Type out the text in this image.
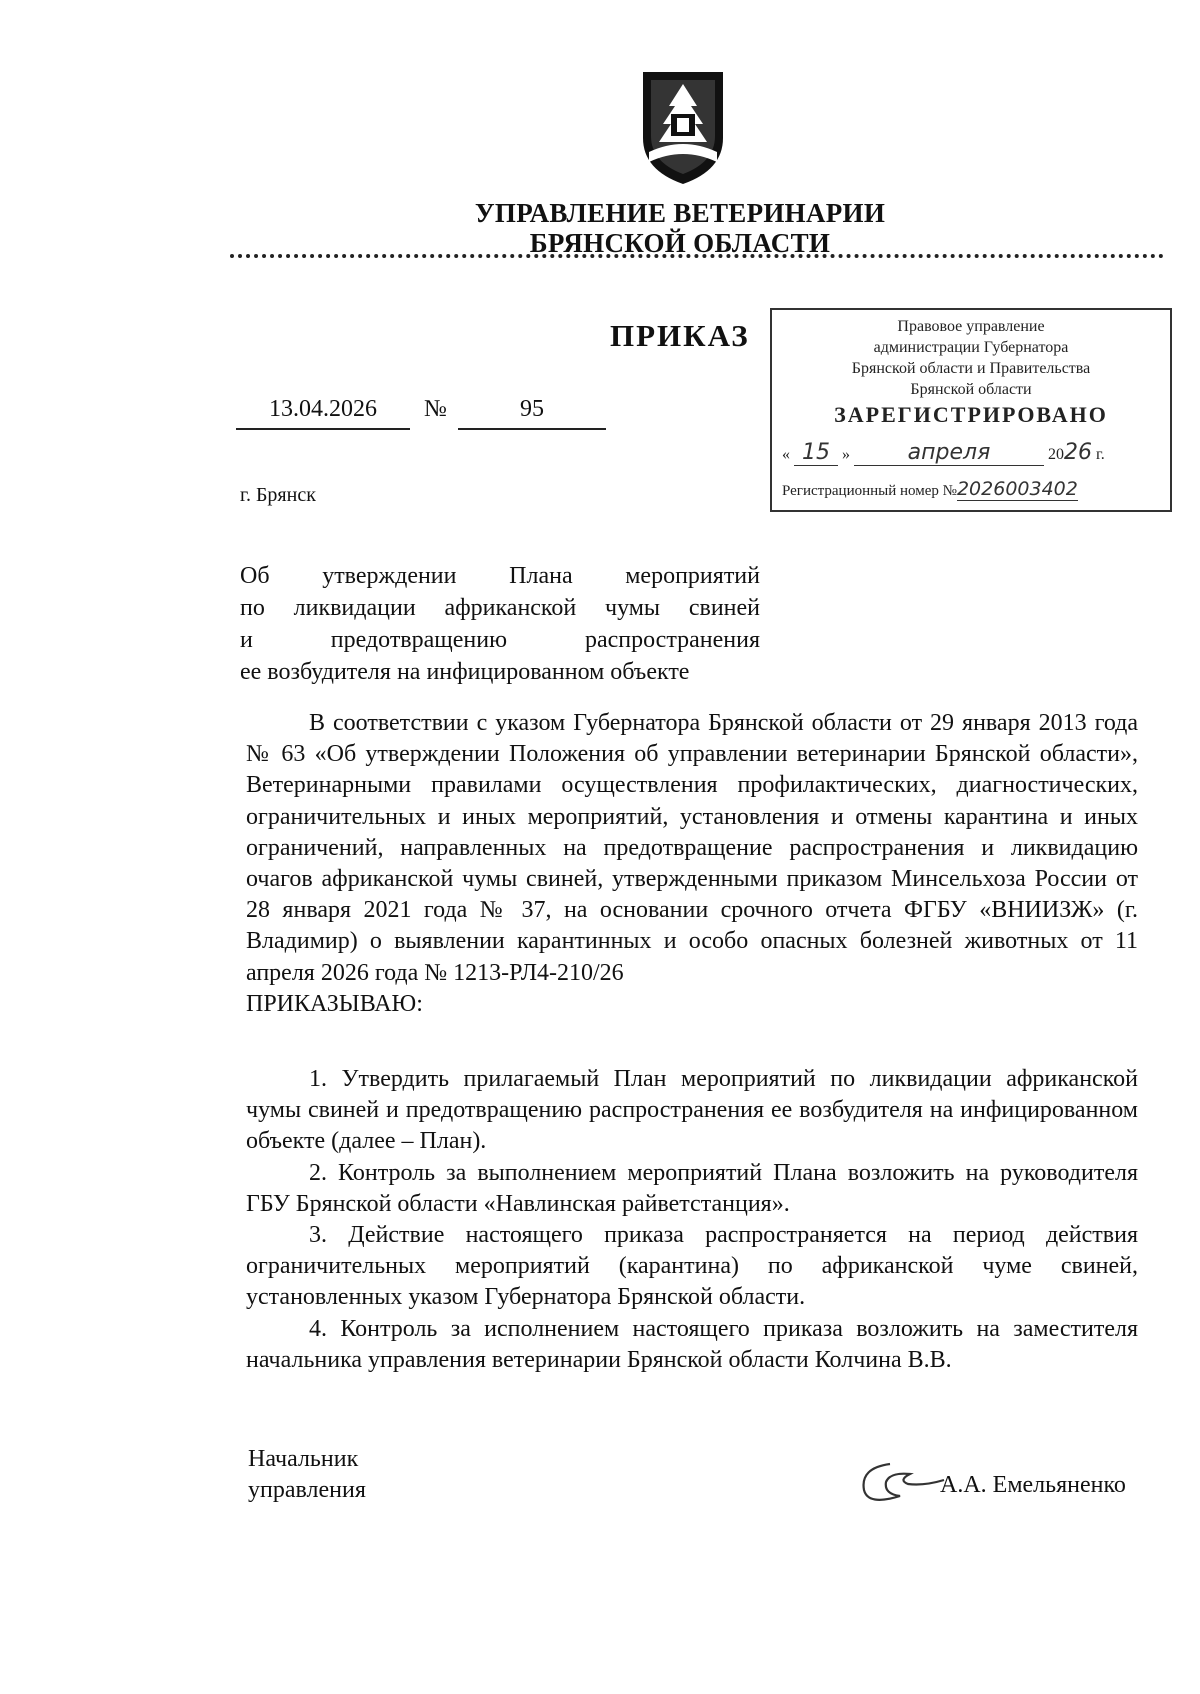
УПРАВЛЕНИЕ ВЕТЕРИНАРИИ
БРЯНСКОЙ ОБЛАСТИ
ПРИКАЗ	Правовое управление
администрации Губернатора
Брянской области и Правительства
Брянской области
ЗАРЕГИСТРИРОВАНО
« 15 »	апреля	2026 г.
Регистрационный номер №2026003402
13.04.2026	№	95
г. Брянск

Об утверждении Плана мероприятий

по ликвидации африканской чумы свиней

и предотвращению распространения

ее возбудителя на инфицированном объекте

В соответствии с указом Губернатора Брянской области от 29 января 2013 года № 63 «Об утверждении Положения об управлении ветеринарии Брянской области», Ветеринарными правилами осуществления профилактических, диагностических, ограничительных и иных мероприятий, установления и отмены карантина и иных ограничений, направленных на предотвращение распространения и ликвидацию очагов африканской чумы свиней, утвержденными приказом Минсельхоза России от 28 января 2021 года № 37, на основании срочного отчета ФГБУ «ВНИИЗЖ» (г. Владимир) о выявлении карантинных и особо опасных болезней животных от 11 апреля 2026 года № 1213-РЛ4-210/26

ПРИКАЗЫВАЮ:

1. Утвердить прилагаемый План мероприятий по ликвидации африканской чумы свиней и предотвращению распространения ее возбудителя на инфицированном объекте (далее – План).

2. Контроль за выполнением мероприятий Плана возложить на руководителя ГБУ Брянской области «Навлинская райветстанция».

3. Действие настоящего приказа распространяется на период действия ограничительных мероприятий (карантина) по африканской чуме свиней, установленных указом Губернатора Брянской области.

4. Контроль за исполнением настоящего приказа возложить на заместителя начальника управления ветеринарии Брянской области Колчина В.В.

Начальник
управления	А.А. Емельяненко
